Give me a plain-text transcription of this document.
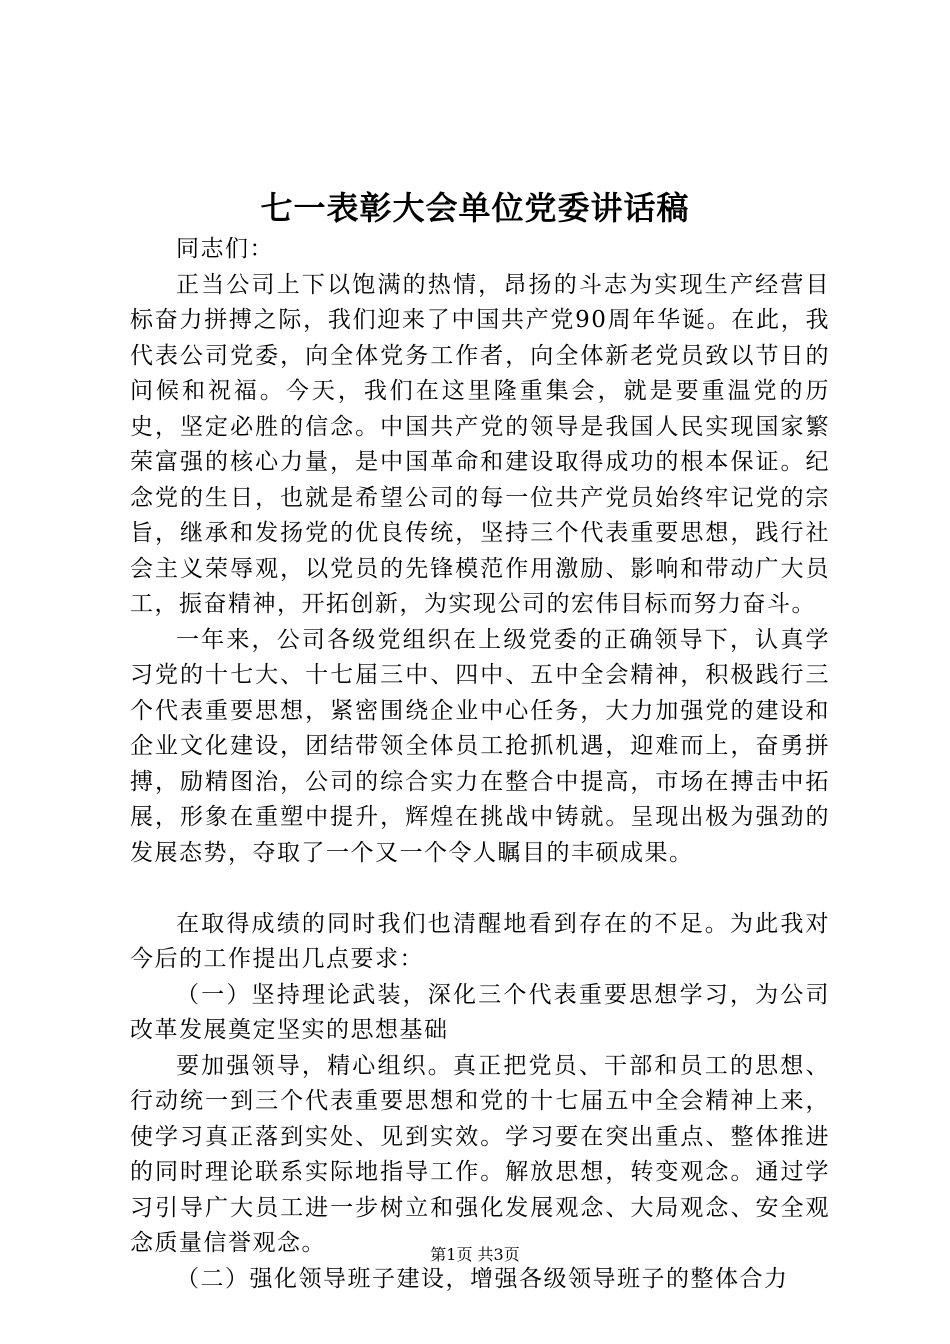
七一表彰大会单位党委讲话稿

同志们：

正当公司上下以饱满的热情，昂扬的斗志为实现生产经营目标奋力拼搏之际，我们迎来了中国共产党90周年华诞。在此，我代表公司党委，向全体党务工作者，向全体新老党员致以节日的问候和祝福。今天，我们在这里隆重集会，就是要重温党的历史，坚定必胜的信念。中国共产党的领导是我国人民实现国家繁荣富强的核心力量，是中国革命和建设取得成功的根本保证。纪念党的生日，也就是希望公司的每一位共产党员始终牢记党的宗旨，继承和发扬党的优良传统，坚持三个代表重要思想，践行社会主义荣辱观，以党员的先锋模范作用激励、影响和带动广大员工，振奋精神，开拓创新，为实现公司的宏伟目标而努力奋斗。

一年来，公司各级党组织在上级党委的正确领导下，认真学习党的十七大、十七届三中、四中、五中全会精神，积极践行三个代表重要思想，紧密围绕企业中心任务，大力加强党的建设和企业文化建设，团结带领全体员工抢抓机遇，迎难而上，奋勇拼搏，励精图治，公司的综合实力在整合中提高，市场在搏击中拓展，形象在重塑中提升，辉煌在挑战中铸就。呈现出极为强劲的发展态势，夺取了一个又一个令人瞩目的丰硕成果。

在取得成绩的同时我们也清醒地看到存在的不足。为此我对今后的工作提出几点要求：

（一）坚持理论武装，深化三个代表重要思想学习，为公司改革发展奠定坚实的思想基础

要加强领导，精心组织。真正把党员、干部和员工的思想、行动统一到三个代表重要思想和党的十七届五中全会精神上来，使学习真正落到实处、见到实效。学习要在突出重点、整体推进的同时理论联系实际地指导工作。解放思想，转变观念。通过学习引导广大员工进一步树立和强化发展观念、大局观念、安全观念质量信誉观念。

（二）强化领导班子建设，增强各级领导班子的整体合力

第1页 共3页
